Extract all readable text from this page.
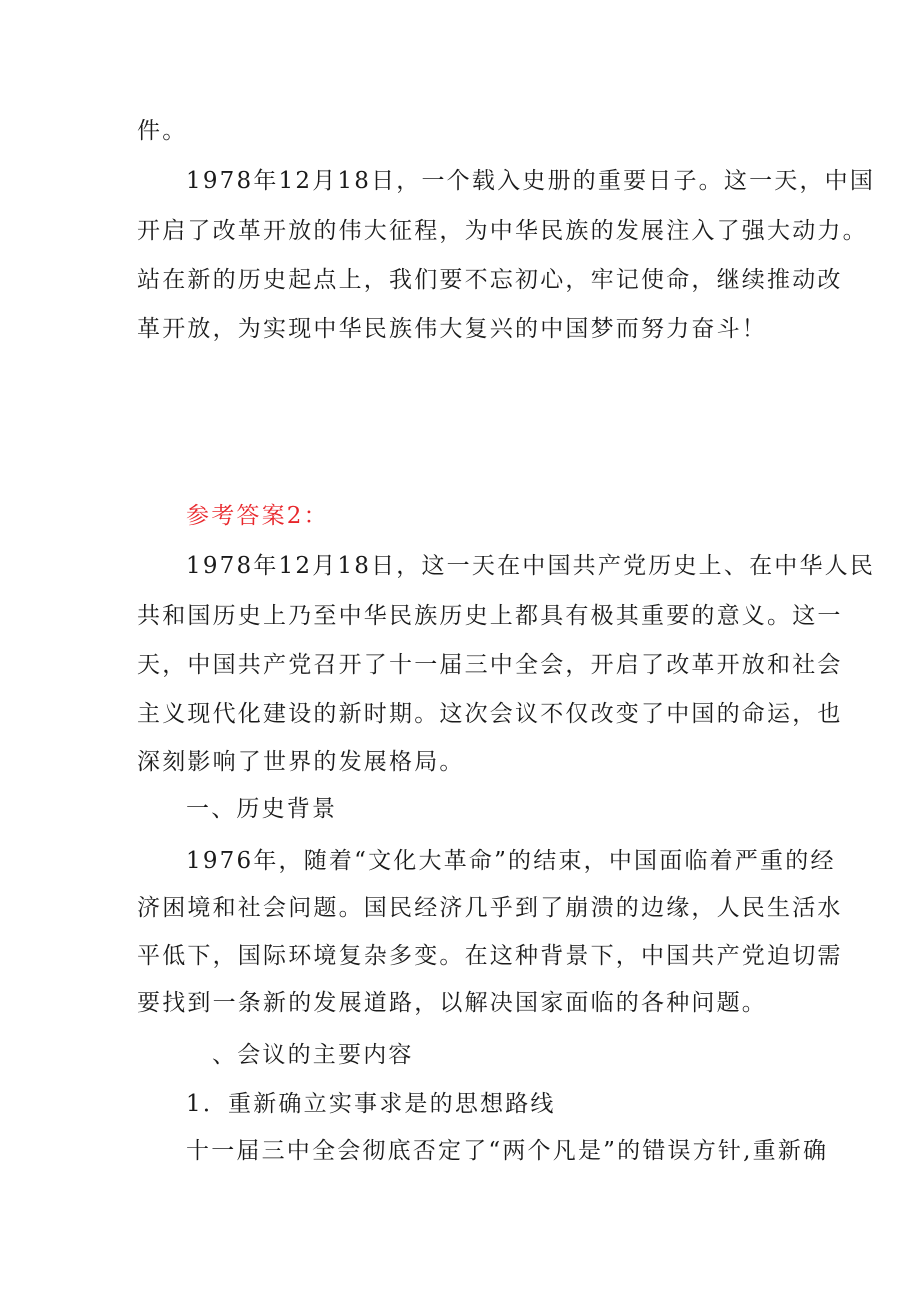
件。
1978年12月18日，一个载入史册的重要日子。这一天，中国
开启了改革开放的伟大征程，为中华民族的发展注入了强大动力。
站在新的历史起点上，我们要不忘初心，牢记使命，继续推动改
革开放，为实现中华民族伟大复兴的中国梦而努力奋斗！
参考答案2：
1978年12月18日，这一天在中国共产党历史上、在中华人民
共和国历史上乃至中华民族历史上都具有极其重要的意义。这一
天，中国共产党召开了十一届三中全会，开启了改革开放和社会
主义现代化建设的新时期。这次会议不仅改变了中国的命运，也
深刻影响了世界的发展格局。
一、历史背景
1976年，随着“文化大革命”的结束，中国面临着严重的经
济困境和社会问题。国民经济几乎到了崩溃的边缘，人民生活水
平低下，国际环境复杂多变。在这种背景下，中国共产党迫切需
要找到一条新的发展道路，以解决国家面临的各种问题。
、会议的主要内容
1．重新确立实事求是的思想路线
十一届三中全会彻底否定了“两个凡是”的错误方针,重新确
